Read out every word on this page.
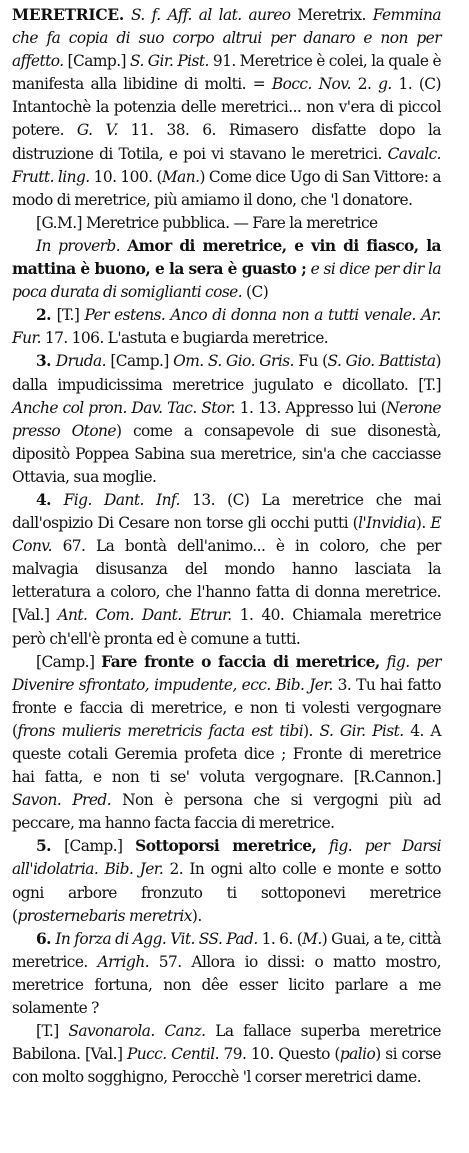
MERETRICE. S. f. Aff. al lat. aureo Meretrix. Femmina che fa copia di suo corpo altrui per danaro e non per affetto. [Camp.] S. Gir. Pist. 91. Meretrice è colei, la quale è manifesta alla libidine di molti. = Bocc. Nov. 2. g. 1. (C) Intantochè la potenzia delle meretrici... non v'era di piccol potere. G. V. 11. 38. 6. Rimasero disfatte dopo la distruzione di Totila, e poi vi stavano le meretrici. Cavalc. Frutt. ling. 10. 100. (Man.) Come dice Ugo di San Vittore: a modo di meretrice, più amiamo il dono, che 'l donatore.

[G.M.] Meretrice pubblica. — Fare la meretrice

In proverb. Amor di meretrice, e vin di fiasco, la mattina è buono, e la sera è guasto ; e si dice per dir la poca durata di somiglianti cose. (C)

2. [T.] Per estens. Anco di donna non a tutti venale. Ar. Fur. 17. 106. L'astuta e bugiarda meretrice.

3. Druda. [Camp.] Om. S. Gio. Gris. Fu (S. Gio. Battista) dalla impudicissima meretrice jugulato e dicollato. [T.] Anche col pron. Dav. Tac. Stor. 1. 13. Appresso lui (Nerone presso Otone) come a consapevole di sue disonestà, dipositò Poppea Sabina sua meretrice, sin'a che cacciasse Ottavia, sua moglie.

4. Fig. Dant. Inf. 13. (C) La meretrice che mai dall'ospizio Di Cesare non torse gli occhi putti (l'Invidia). E Conv. 67. La bontà dell'animo... è in coloro, che per malvagia disusanza del mondo hanno lasciata la letteratura a coloro, che l'hanno fatta di donna meretrice. [Val.] Ant. Com. Dant. Etrur. 1. 40. Chiamala meretrice però ch'ell'è pronta ed è comune a tutti.

[Camp.] Fare fronte o faccia di meretrice, fig. per Divenire sfrontato, impudente, ecc. Bib. Jer. 3. Tu hai fatto fronte e faccia di meretrice, e non ti volesti vergognare (frons mulieris meretricis facta est tibi). S. Gir. Pist. 4. A queste cotali Geremia profeta dice ; Fronte di meretrice hai fatta, e non ti se' voluta vergognare. [R.Cannon.] Savon. Pred. Non è persona che si vergogni più ad peccare, ma hanno facta faccia di meretrice.

5. [Camp.] Sottoporsi meretrice, fig. per Darsi all'idolatria. Bib. Jer. 2. In ogni alto colle e monte e sotto ogni arbore fronzuto ti sottoponevi meretrice (prosternebaris meretrix).

6. In forza di Agg. Vit. SS. Pad. 1. 6. (M.) Guai, a te, città meretrice. Arrigh. 57. Allora io dissi: o matto mostro, meretrice fortuna, non dêe esser licito parlare a me solamente ?

[T.] Savonarola. Canz. La fallace superba meretrice Babilona. [Val.] Pucc. Centil. 79. 10. Questo (palio) si corse con molto sogghigno, Perocchè 'l corser meretrici dame.
